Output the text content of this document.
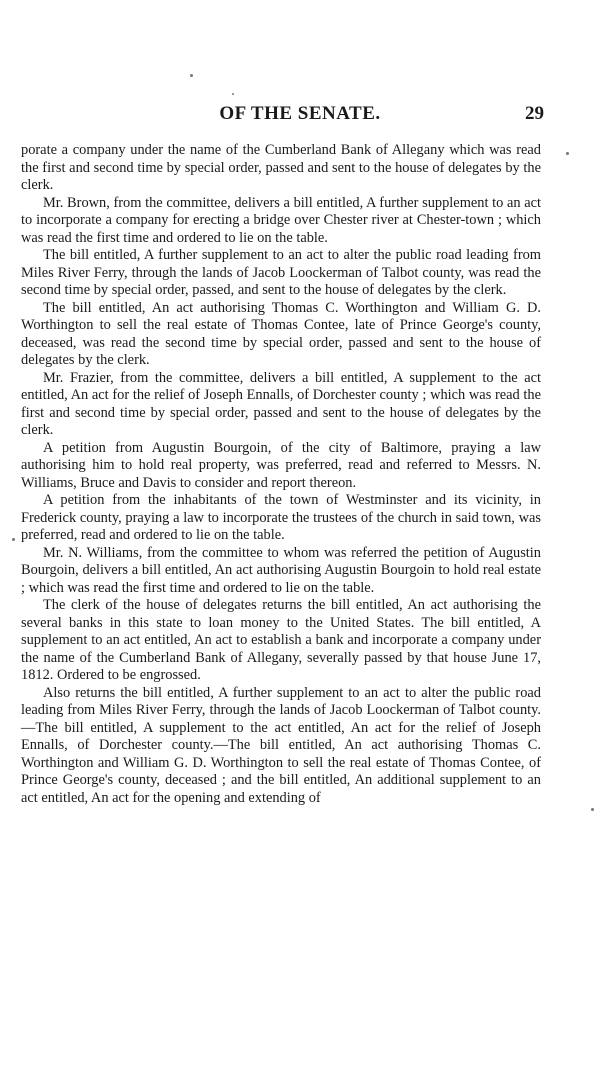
OF THE SENATE.	29

porate a company under the name of the Cumberland Bank of Allegany which was read the first and second time by special order, passed and sent to the house of delegates by the clerk.

Mr. Brown, from the committee, delivers a bill entitled, A further supplement to an act to incorporate a company for erecting a bridge over Chester river at Chester-town ; which was read the first time and ordered to lie on the table.

The bill entitled, A further supplement to an act to alter the public road leading from Miles River Ferry, through the lands of Jacob Loockerman of Talbot county, was read the second time by special order, passed, and sent to the house of delegates by the clerk.

The bill entitled, An act authorising Thomas C. Worthington and William G. D. Worthington to sell the real estate of Thomas Contee, late of Prince George's county, deceased, was read the second time by special order, passed and sent to the house of delegates by the clerk.

Mr. Frazier, from the committee, delivers a bill entitled, A supplement to the act entitled, An act for the relief of Joseph Ennalls, of Dorchester county ; which was read the first and second time by special order, passed and sent to the house of delegates by the clerk.

A petition from Augustin Bourgoin, of the city of Baltimore, praying a law authorising him to hold real property, was preferred, read and referred to Messrs. N. Williams, Bruce and Davis to consider and report thereon.

A petition from the inhabitants of the town of Westminster and its vicinity, in Frederick county, praying a law to incorporate the trustees of the church in said town, was preferred, read and ordered to lie on the table.

Mr. N. Williams, from the committee to whom was referred the petition of Augustin Bourgoin, delivers a bill entitled, An act authorising Augustin Bourgoin to hold real estate ; which was read the first time and ordered to lie on the table.

The clerk of the house of delegates returns the bill entitled, An act authorising the several banks in this state to loan money to the United States. The bill entitled, A supplement to an act entitled, An act to establish a bank and incorporate a company under the name of the Cumberland Bank of Allegany, severally passed by that house June 17, 1812. Ordered to be engrossed.

Also returns the bill entitled, A further supplement to an act to alter the public road leading from Miles River Ferry, through the lands of Jacob Loockerman of Talbot county.—The bill entitled, A supplement to the act entitled, An act for the relief of Joseph Ennalls, of Dorchester county.—The bill entitled, An act authorising Thomas C. Worthington and William G. D. Worthington to sell the real estate of Thomas Contee, of Prince George's county, deceased ; and the bill entitled, An additional supplement to an act entitled, An act for the opening and extending of
